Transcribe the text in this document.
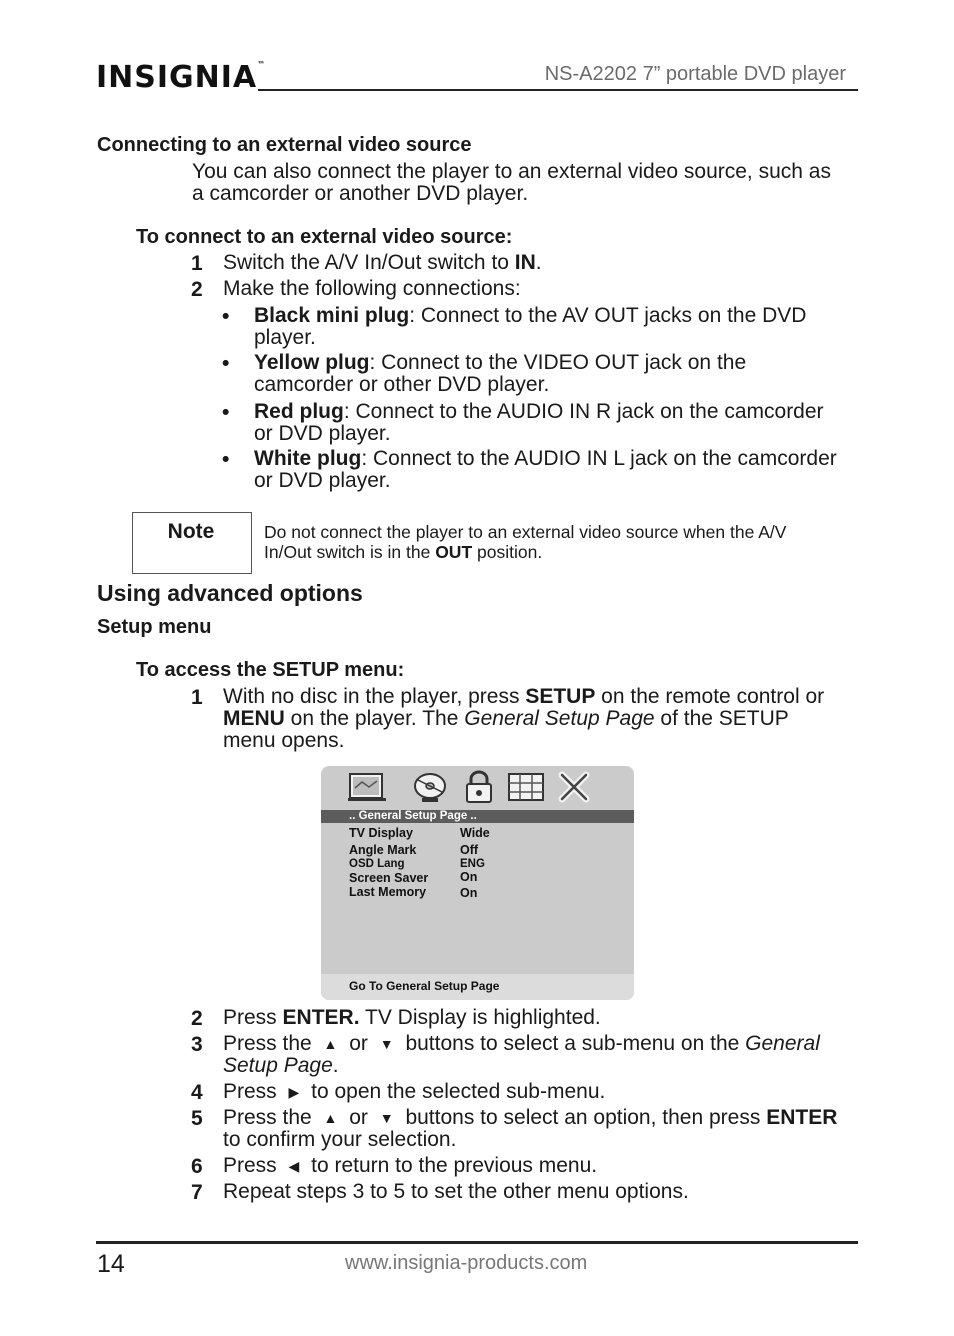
INSIGNIA™	NS-A2202 7” portable DVD player
Connecting to an external video source
You can also connect the player to an external video source, such as
a camcorder or another DVD player.
To connect to an external video source:
1 Switch the A/V In/Out switch to IN.
2 Make the following connections:
• Black mini plug: Connect to the AV OUT jacks on the DVD
player.
• Yellow plug: Connect to the VIDEO OUT jack on the
camcorder or other DVD player.
• Red plug: Connect to the AUDIO IN R jack on the camcorder
or DVD player.
• White plug: Connect to the AUDIO IN L jack on the camcorder
or DVD player.
Note	Do not connect the player to an external video source when the A/V
In/Out switch is in the OUT position.
Using advanced options
Setup menu
To access the SETUP menu:
1 With no disc in the player, press SETUP on the remote control or
MENU on the player. The General Setup Page of the SETUP
menu opens.
.. General Setup Page ..
TV Display	Wide
Angle Mark	Off
OSD Lang	ENG
Screen Saver	On
Last Memory	On
Go To General Setup Page
2 Press ENTER. TV Display is highlighted.
3 Press the ▲ or ▼ buttons to select a sub-menu on the General
Setup Page.
4 Press ▶ to open the selected sub-menu.
5 Press the ▲ or ▼ buttons to select an option, then press ENTER
to confirm your selection.
6 Press ◀ to return to the previous menu.
7 Repeat steps 3 to 5 to set the other menu options.
14	www.insignia-products.com
